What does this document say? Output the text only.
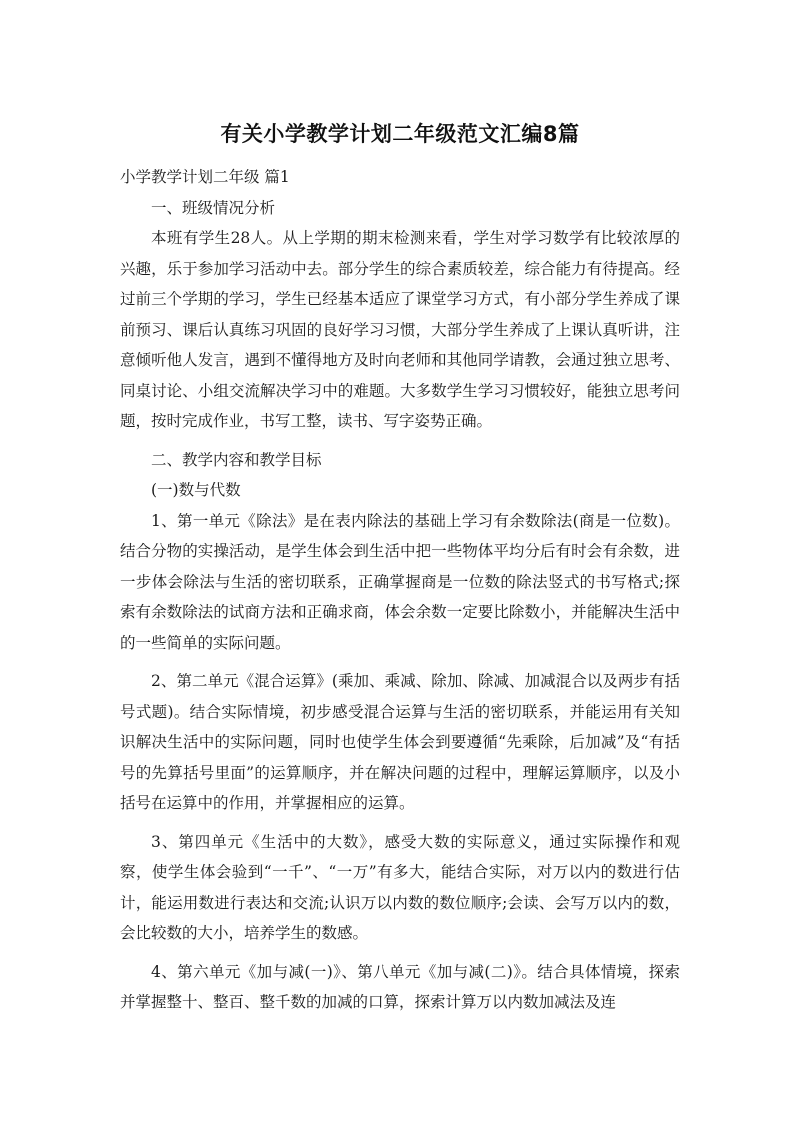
有关小学教学计划二年级范文汇编8篇

小学教学计划二年级 篇1

一、班级情况分析

本班有学生28人。从上学期的期末检测来看，学生对学习数学有比较浓厚的兴趣，乐于参加学习活动中去。部分学生的综合素质较差，综合能力有待提高。经过前三个学期的学习，学生已经基本适应了课堂学习方式，有小部分学生养成了课前预习、课后认真练习巩固的良好学习习惯，大部分学生养成了上课认真听讲，注意倾听他人发言，遇到不懂得地方及时向老师和其他同学请教，会通过独立思考、同桌讨论、小组交流解决学习中的难题。大多数学生学习习惯较好，能独立思考问题，按时完成作业，书写工整，读书、写字姿势正确。

二、教学内容和教学目标

(一)数与代数

1、第一单元《除法》是在表内除法的基础上学习有余数除法(商是一位数)。结合分物的实操活动，是学生体会到生活中把一些物体平均分后有时会有余数，进一步体会除法与生活的密切联系，正确掌握商是一位数的除法竖式的书写格式;探索有余数除法的试商方法和正确求商，体会余数一定要比除数小，并能解决生活中的一些简单的实际问题。

2、第二单元《混合运算》(乘加、乘减、除加、除减、加减混合以及两步有括号式题)。结合实际情境，初步感受混合运算与生活的密切联系，并能运用有关知识解决生活中的实际问题，同时也使学生体会到要遵循“先乘除，后加减”及“有括号的先算括号里面”的运算顺序，并在解决问题的过程中，理解运算顺序，以及小括号在运算中的作用，并掌握相应的运算。

3、第四单元《生活中的大数》，感受大数的实际意义，通过实际操作和观察，使学生体会验到“一千”、“一万”有多大，能结合实际，对万以内的数进行估计，能运用数进行表达和交流;认识万以内数的数位顺序;会读、会写万以内的数，会比较数的大小，培养学生的数感。

4、第六单元《加与减(一)》、第八单元《加与减(二)》。结合具体情境，探索并掌握整十、整百、整千数的加减的口算，探索计算万以内数加减法及连
